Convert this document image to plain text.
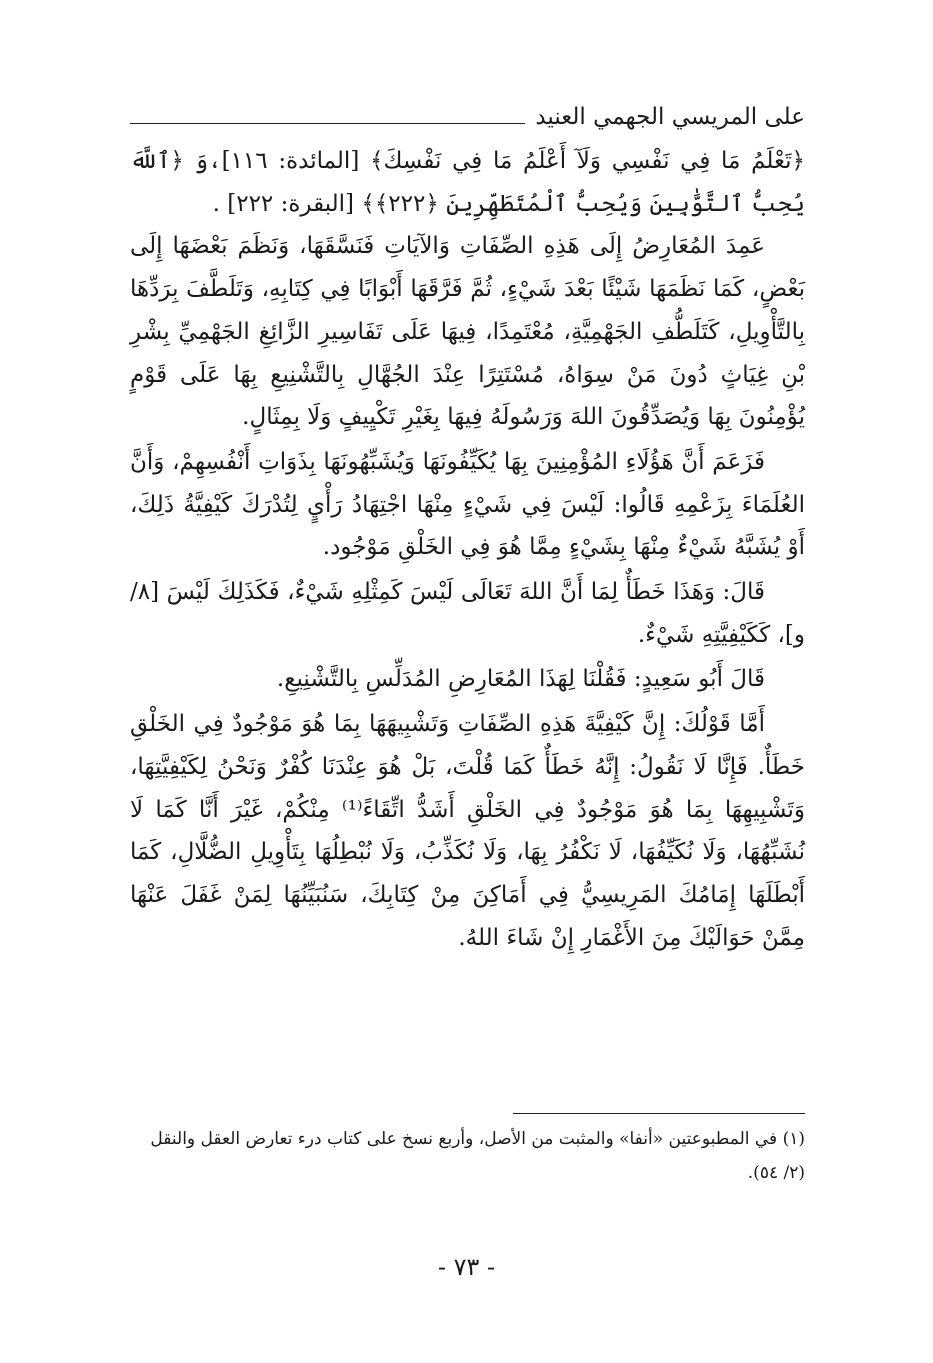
على المريسي الجهمي العنيد

﴿تَعْلَمُ مَا فِي نَفْسِي وَلَآ أَعْلَمُ مَا فِي نَفْسِكَ﴾ [المائدة: ١١٦]،وَ ﴿ٱللَّهَ يُحِبُّ ٱلتَّوَّٰبِينَ وَيُحِبُّ ٱلْمُتَطَهِّرِينَ ﴿٢٢٢﴾﴾ [البقرة: ٢٢٢] .

عَمِدَ المُعَارِضُ إِلَى هَذِهِ الصِّفَاتِ وَالآيَاتِ فَنَسَّقَهَا، وَنَظَمَ بَعْضَهَا إِلَى بَعْضٍ، كَمَا نَظَمَهَا شَيْئًا بَعْدَ شَيْءٍ، ثُمَّ فَرَّقَهَا أَبْوَابًا فِي كِتَابِهِ، وَتَلَطَّفَ بِرَدِّهَا بِالتَّأْوِيلِ، كَتَلَطُّفِ الجَهْمِيَّةِ، مُعْتَمِدًا، فِيهَا عَلَى تَفَاسِيرِ الزَّائِغِ الجَهْمِيِّ بِشْرِ بْنِ غِيَاثٍ دُونَ مَنْ سِوَاهُ، مُسْتَتِرًا عِنْدَ الجُهَّالِ بِالتَّشْنِيعِ بِهَا عَلَى قَوْمٍ يُؤْمِنُونَ بِهَا وَيُصَدِّقُونَ اللهَ وَرَسُولَهُ فِيهَا بِغَيْرِ تَكْيِيفٍ وَلَا بِمِثَالٍ.

فَزَعَمَ أَنَّ هَؤُلَاءِ المُؤْمِنِينَ بِهَا يُكَيِّفُونَهَا وَيُشَبِّهُونَهَا بِذَوَاتِ أَنْفُسِهِمْ، وَأَنَّ العُلَمَاءَ بِزَعْمِهِ قَالُوا: لَيْسَ فِي شَيْءٍ مِنْهَا اجْتِهَادُ رَأْيٍ لِتُدْرَكَ كَيْفِيَّةُ ذَلِكَ، أَوْ يُشَبَّهُ شَيْءٌ مِنْهَا بِشَيْءٍ مِمَّا هُوَ فِي الخَلْقِ مَوْجُود.

قَالَ: وَهَذَا خَطَأٌ لِمَا أَنَّ اللهَ تَعَالَى لَيْسَ كَمِثْلِهِ شَيْءٌ، فَكَذَلِكَ لَيْسَ [٨/و]، كَكَيْفِيَّتِهِ شَيْءٌ.

قَالَ أَبُو سَعِيدٍ: فَقُلْنَا لِهَذَا المُعَارِضِ المُدَلِّسِ بِالتَّشْنِيعِ.

أَمَّا قَوْلُكَ: إِنَّ كَيْفِيَّةَ هَذِهِ الصِّفَاتِ وَتَشْبِيهَهَا بِمَا هُوَ مَوْجُودٌ فِي الخَلْقِ خَطَأٌ. فَإِنَّا لَا نَقُولُ: إِنَّهُ خَطَأٌ كَمَا قُلْتَ، بَلْ هُوَ عِنْدَنَا كُفْرٌ وَنَحْنُ لِكَيْفِيَّتِهَا، وَتَشْبِيهِهَا بِمَا هُوَ مَوْجُودٌ فِي الخَلْقِ أَشَدُّ اتِّقَاءً⁽¹⁾ مِنْكُمْ، غَيْرَ أَنَّا كَمَا لَا نُشَبِّهُهَا، وَلَا نُكَيِّفُهَا، لَا نَكْفُرُ بِهَا، وَلَا نُكَذِّبُ، وَلَا نُبْطِلُهَا بِتَأْوِيلِ الضُّلَّالِ، كَمَا أَبْطَلَهَا إِمَامُكَ المَرِيسِيُّ فِي أَمَاكِنَ مِنْ كِتَابِكَ، سَنُبَيِّنُهَا لِمَنْ غَفَلَ عَنْهَا مِمَّنْ حَوَالَيْكَ مِنَ الأَغْمَارِ إِنْ شَاءَ اللهُ.

(١) في المطبوعتين «أنفا» والمثبت من الأصل، وأربع نسخ على كتاب درء تعارض العقل والنقل (٢/ ٥٤).

- ٧٣ -
